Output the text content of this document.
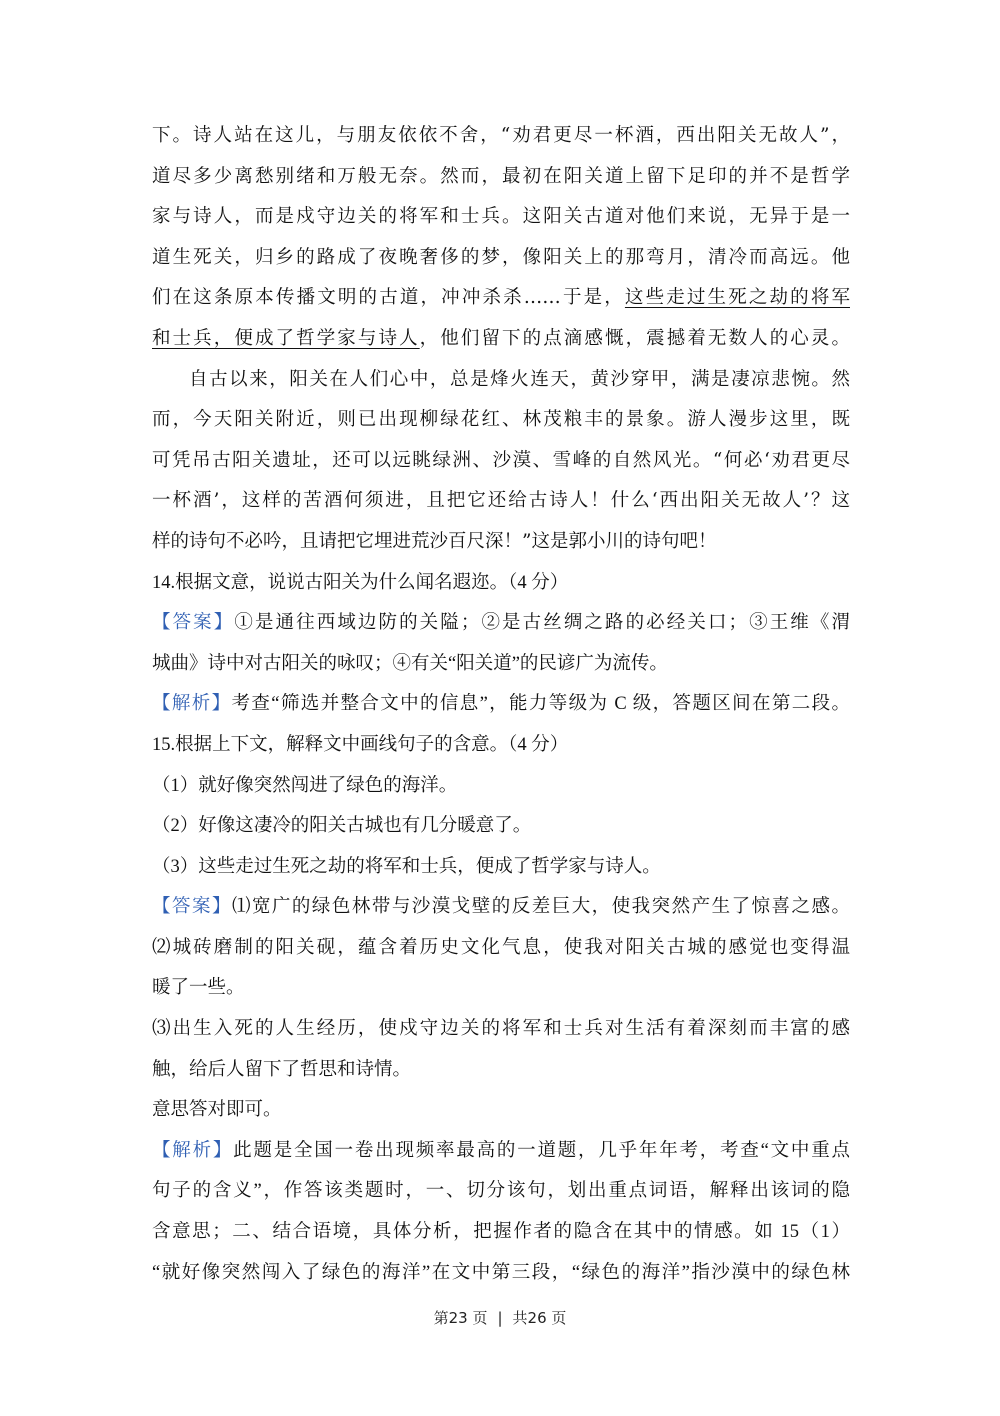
下。诗人站在这儿，与朋友依依不舍，“劝君更尽一杯酒，西出阳关无故人”，
道尽多少离愁别绪和万般无奈。然而，最初在阳关道上留下足印的并不是哲学
家与诗人，而是戍守边关的将军和士兵。这阳关古道对他们来说，无异于是一
道生死关，归乡的路成了夜晚奢侈的梦，像阳关上的那弯月，清冷而高远。他
们在这条原本传播文明的古道，冲冲杀杀……于是，这些走过生死之劫的将军
和士兵，便成了哲学家与诗人，他们留下的点滴感慨，震撼着无数人的心灵。
自古以来，阳关在人们心中，总是烽火连天，黄沙穿甲，满是凄凉悲惋。然
而，今天阳关附近，则已出现柳绿花红、林茂粮丰的景象。游人漫步这里，既
可凭吊古阳关遗址，还可以远眺绿洲、沙漠、雪峰的自然风光。“何必‘劝君更尽
一杯酒’，这样的苦酒何须进，且把它还给古诗人！什么‘西出阳关无故人’？这
样的诗句不必吟，且请把它埋进荒沙百尺深！”这是郭小川的诗句吧！
14.根据文意，说说古阳关为什么闻名遐迩。（4 分）
【答案】①是通往西域边防的关隘；②是古丝绸之路的必经关口；③王维《渭
城曲》诗中对古阳关的咏叹；④有关“阳关道”的民谚广为流传。
【解析】考查“筛选并整合文中的信息”，能力等级为 C 级，答题区间在第二段。
15.根据上下文，解释文中画线句子的含意。（4 分）
（1）就好像突然闯进了绿色的海洋。
（2）好像这凄冷的阳关古城也有几分暖意了。
（3）这些走过生死之劫的将军和士兵，便成了哲学家与诗人。
【答案】⑴宽广的绿色林带与沙漠戈壁的反差巨大，使我突然产生了惊喜之感。
⑵城砖磨制的阳关砚，蕴含着历史文化气息，使我对阳关古城的感觉也变得温
暖了一些。
⑶出生入死的人生经历，使戍守边关的将军和士兵对生活有着深刻而丰富的感
触，给后人留下了哲思和诗情。
意思答对即可。
【解析】此题是全国一卷出现频率最高的一道题，几乎年年考，考查“文中重点
句子的含义”，作答该类题时，一、切分该句，划出重点词语，解释出该词的隐
含意思；二、结合语境，具体分析，把握作者的隐含在其中的情感。如 15（1）
“就好像突然闯入了绿色的海洋”在文中第三段，“绿色的海洋”指沙漠中的绿色林
第23 页 | 共26 页
